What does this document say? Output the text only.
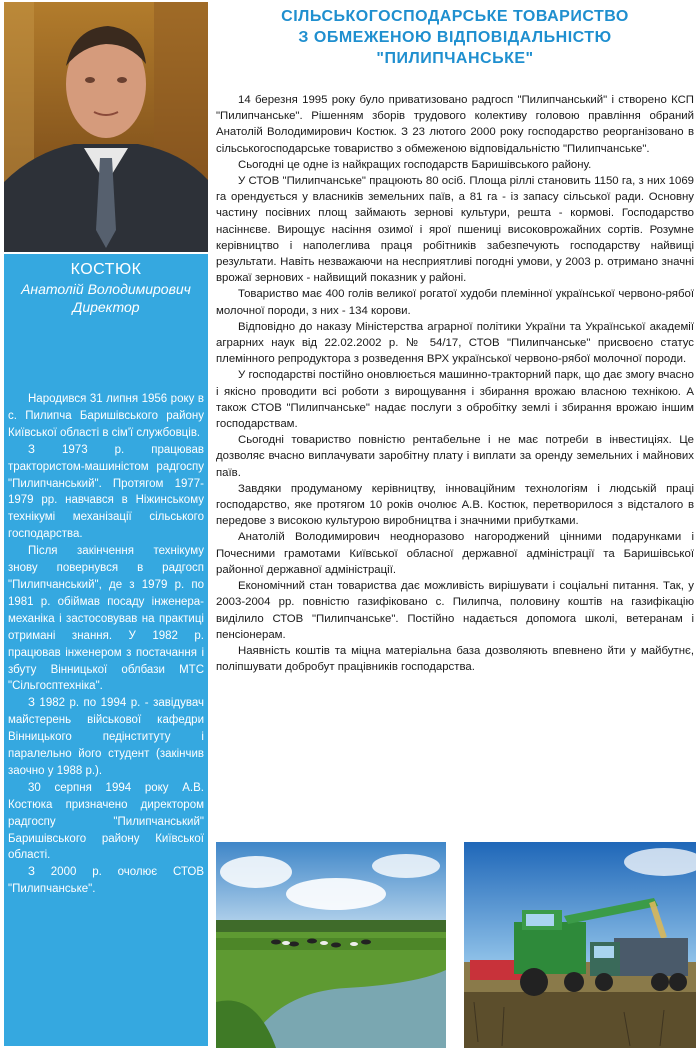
КОСТЮК
Анатолій Володимирович
Директор

Народився 31 липня 1956 року в с. Пилипча Баришівського району Київської області в сім'ї службовців.

З 1973 р. працював трактористом-машиністом радгоспу "Пилипчанський". Протягом 1977-1979 рр. навчався в Ніжинському технікумі механізації сільського господарства.

Після закінчення технікуму знову повернувся в радгосп "Пилипчанський", де з 1979 р. по 1981 р. обіймав посаду інженера-механіка і застосовував на практиці отримані знання. У 1982 р. працював інженером з постачання і збуту Вінницької облбази МТС "Сільгосптехніка".

З 1982 р. по 1994 р. - завідувач майстерень військової кафедри Вінницького педінституту і паралельно його студент (закінчив заочно у 1988 р.).

30 серпня 1994 року А.В. Костюка призначено директором радгоспу "Пилипчанський" Баришівського району Київської області.

З 2000 р. очолює СТОВ "Пилипчанське".

СІЛЬСЬКОГОСПОДАРСЬКЕ ТОВАРИСТВО
З ОБМЕЖЕНОЮ ВІДПОВІДАЛЬНІСТЮ
"ПИЛИПЧАНСЬКЕ"

14 березня 1995 року було приватизовано радгосп "Пилипчанський" і створено КСП "Пилипчанське". Рішенням зборів трудового колективу головою правління обраний Анатолій Володимирович Костюк. З 23 лютого 2000 року господарство реорганізовано в сільськогосподарське товариство з обмеженою відповідальністю "Пилипчанське".

Сьогодні це одне із найкращих господарств Баришівського району.

У СТОВ "Пилипчанське" працюють 80 осіб. Площа ріллі становить 1150 га, з них 1069 га орендується у власників земельних паїв, а 81 га - із запасу сільської ради. Основну частину посівних площ займають зернові культури, решта - кормові. Господарство насіннєве. Вирощує насіння озимої і ярої пшениці високоврожайних сортів. Розумне керівництво і наполеглива праця робітників забезпечують господарству найвищі результати. Навіть незважаючи на несприятливі погодні умови, у 2003 р. отримано значні врожаї зернових - найвищий показник у районі.

Товариство має 400 голів великої рогатої худоби племінної української червоно-рябої молочної породи, з них - 134 корови.

Відповідно до наказу Міністерства аграрної політики України та Української академії аграрних наук від 22.02.2002 р. № 54/17, СТОВ "Пилипчанське" присвоєно статус племінного репродуктора з розведення ВРХ української червоно-рябої молочної породи.

У господарстві постійно оновлюється машинно-тракторний парк, що дає змогу вчасно і якісно проводити всі роботи з вирощування і збирання врожаю власною технікою. А також СТОВ "Пилипчанське" надає послуги з обробітку землі і збирання врожаю іншим господарствам.

Сьогодні товариство повністю рентабельне і не має потреби в інвестиціях. Це дозволяє вчасно виплачувати заробітну плату і виплати за оренду земельних і майнових паїв.

Завдяки продуманому керівництву, інноваційним технологіям і людській праці господарство, яке протягом 10 років очолює А.В. Костюк, перетворилося з відсталого в передове з високою культурою виробництва і значними прибутками.

Анатолій Володимирович неодноразово нагороджений цінними подарунками і Почесними грамотами Київської обласної державної адміністрації та Баришівської районної державної адміністрації.

Економічний стан товариства дає можливість вирішувати і соціальні питання. Так, у 2003-2004 рр. повністю газифіковано с. Пилипча, половину коштів на газифікацію виділило СТОВ "Пилипчанське". Постійно надається допомога школі, ветеранам і пенсіонерам.

Наявність коштів та міцна матеріальна база дозволяють впевнено йти у майбутнє, поліпшувати добробут працівників господарства.
